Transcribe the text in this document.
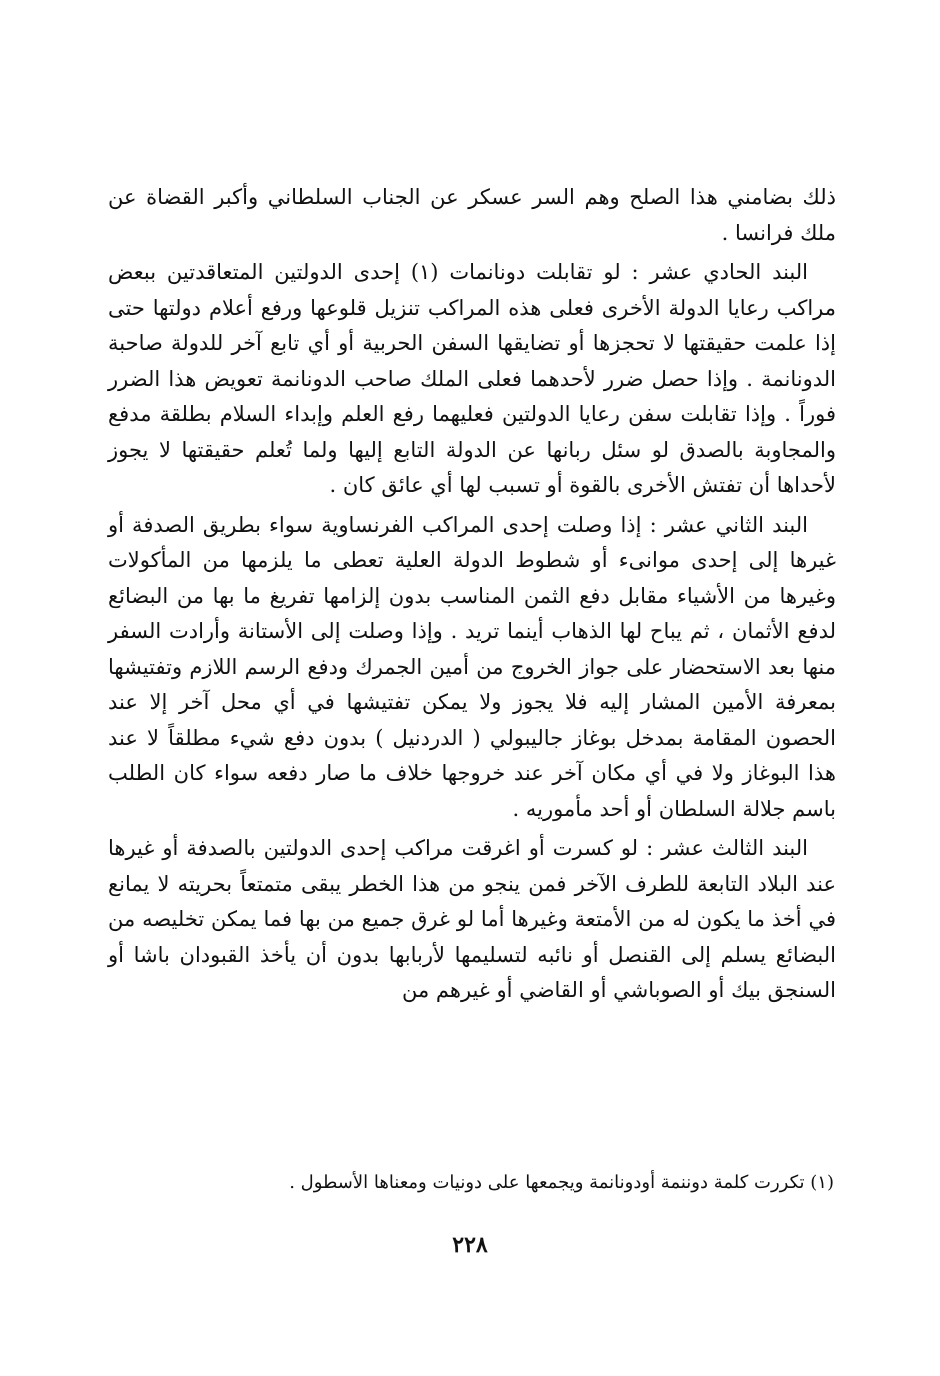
ذلك بضامني هذا الصلح وهم السر عسكر عن الجناب السلطاني وأكبر القضاة عن ملك فرانسا .

البند الحادي عشر : لو تقابلت دونانمات (١) إحدى الدولتين المتعاقدتين ببعض مراكب رعايا الدولة الأخرى فعلى هذه المراكب تنزيل قلوعها ورفع أعلام دولتها حتى إذا علمت حقيقتها لا تحجزها أو تضايقها السفن الحربية أو أي تابع آخر للدولة صاحبة الدونانمة . وإذا حصل ضرر لأحدهما فعلى الملك صاحب الدونانمة تعويض هذا الضرر فوراً . وإذا تقابلت سفن رعايا الدولتين فعليهما رفع العلم وإبداء السلام بطلقة مدفع والمجاوبة بالصدق لو سئل ربانها عن الدولة التابع إليها ولما تُعلم حقيقتها لا يجوز لأحداها أن تفتش الأخرى بالقوة أو تسبب لها أي عائق كان .

البند الثاني عشر : إذا وصلت إحدى المراكب الفرنساوية سواء بطريق الصدفة أو غيرها إلى إحدى موانىء أو شطوط الدولة العلية تعطى ما يلزمها من المأكولات وغيرها من الأشياء مقابل دفع الثمن المناسب بدون إلزامها تفريغ ما بها من البضائع لدفع الأثمان ، ثم يباح لها الذهاب أينما تريد . وإذا وصلت إلى الأستانة وأرادت السفر منها بعد الاستحضار على جواز الخروج من أمين الجمرك ودفع الرسم اللازم وتفتيشها بمعرفة الأمين المشار إليه فلا يجوز ولا يمكن تفتيشها في أي محل آخر إلا عند الحصون المقامة بمدخل بوغاز جاليبولي ( الدردنيل ) بدون دفع شيء مطلقاً لا عند هذا البوغاز ولا في أي مكان آخر عند خروجها خلاف ما صار دفعه سواء كان الطلب باسم جلالة السلطان أو أحد مأموريه .

البند الثالث عشر : لو كسرت أو اغرقت مراكب إحدى الدولتين بالصدفة أو غيرها عند البلاد التابعة للطرف الآخر فمن ينجو من هذا الخطر يبقى متمتعاً بحريته لا يمانع في أخذ ما يكون له من الأمتعة وغيرها أما لو غرق جميع من بها فما يمكن تخليصه من البضائع يسلم إلى القنصل أو نائبه لتسليمها لأربابها بدون أن يأخذ القبودان باشا أو السنجق بيك أو الصوباشي أو القاضي أو غيرهم من

(١) تكررت كلمة دوننمة أودونانمة ويجمعها على دونيات ومعناها الأسطول .
٢٢٨
